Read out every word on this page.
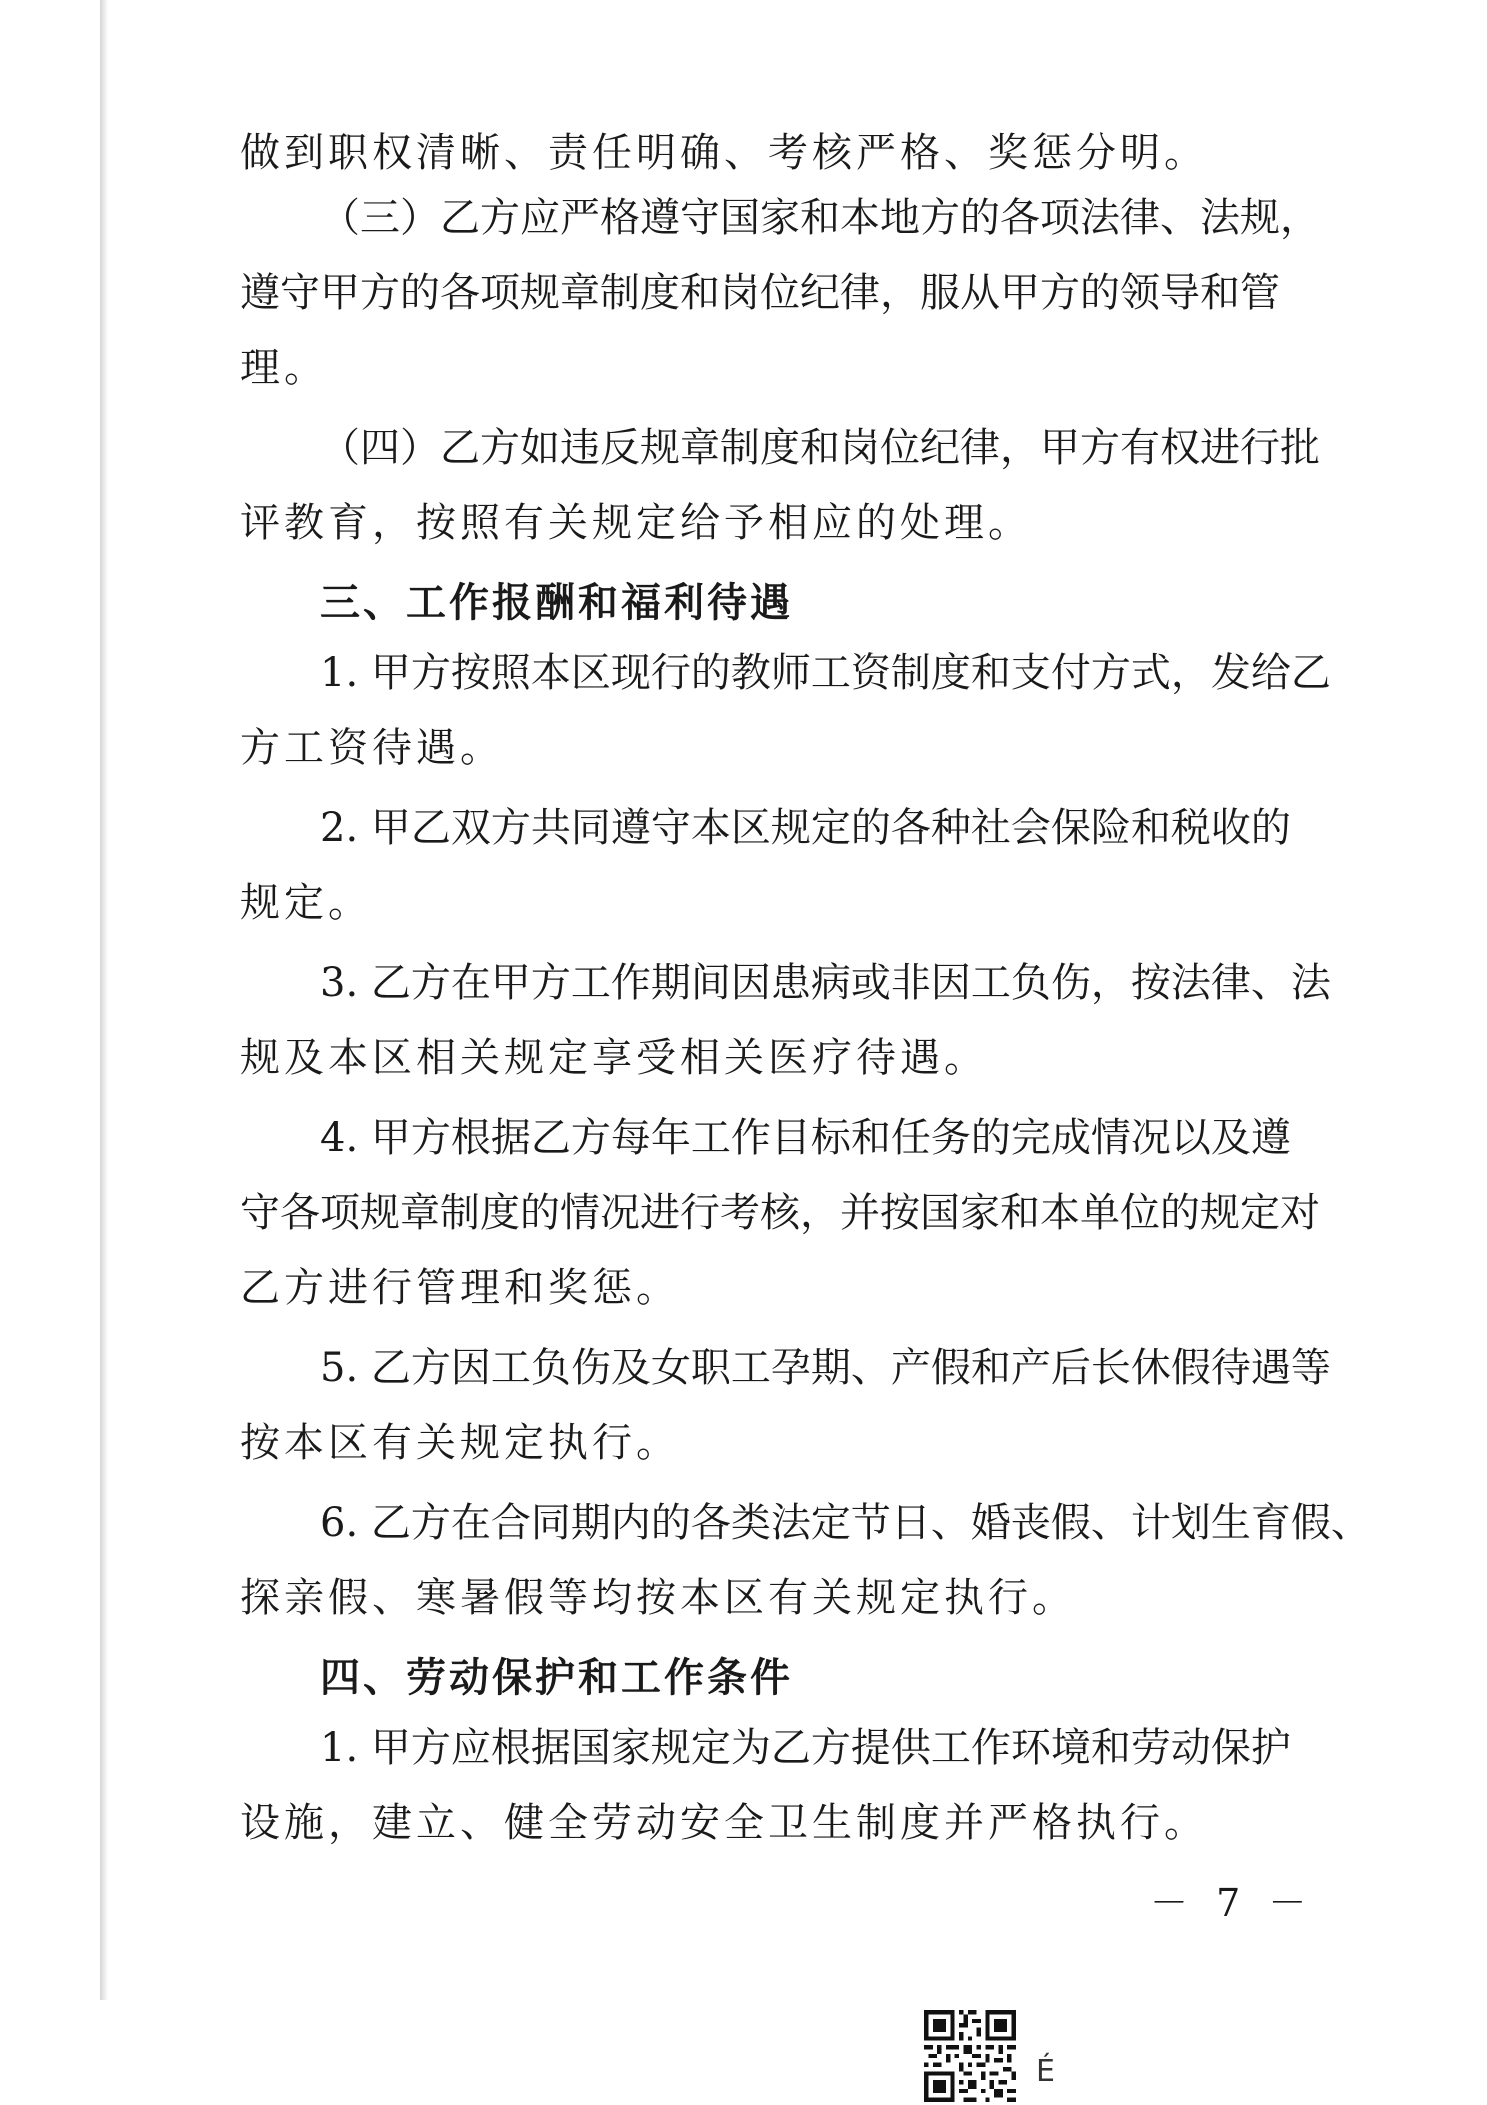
做到职权清晰、责任明确、考核严格、奖惩分明。

（三）乙方应严格遵守国家和本地方的各项法律、法规，

遵守甲方的各项规章制度和岗位纪律，服从甲方的领导和管

理。

（四）乙方如违反规章制度和岗位纪律，甲方有权进行批

评教育，按照有关规定给予相应的处理。

三、工作报酬和福利待遇

1. 甲方按照本区现行的教师工资制度和支付方式，发给乙

方工资待遇。

2. 甲乙双方共同遵守本区规定的各种社会保险和税收的

规定。

3. 乙方在甲方工作期间因患病或非因工负伤，按法律、法

规及本区相关规定享受相关医疗待遇。

4. 甲方根据乙方每年工作目标和任务的完成情况以及遵

守各项规章制度的情况进行考核，并按国家和本单位的规定对

乙方进行管理和奖惩。

5. 乙方因工负伤及女职工孕期、产假和产后长休假待遇等

按本区有关规定执行。

6. 乙方在合同期内的各类法定节日、婚丧假、计划生育假、

探亲假、寒暑假等均按本区有关规定执行。

四、劳动保护和工作条件

1. 甲方应根据国家规定为乙方提供工作环境和劳动保护

设施，建立、健全劳动安全卫生制度并严格执行。

－ 7 －

É
